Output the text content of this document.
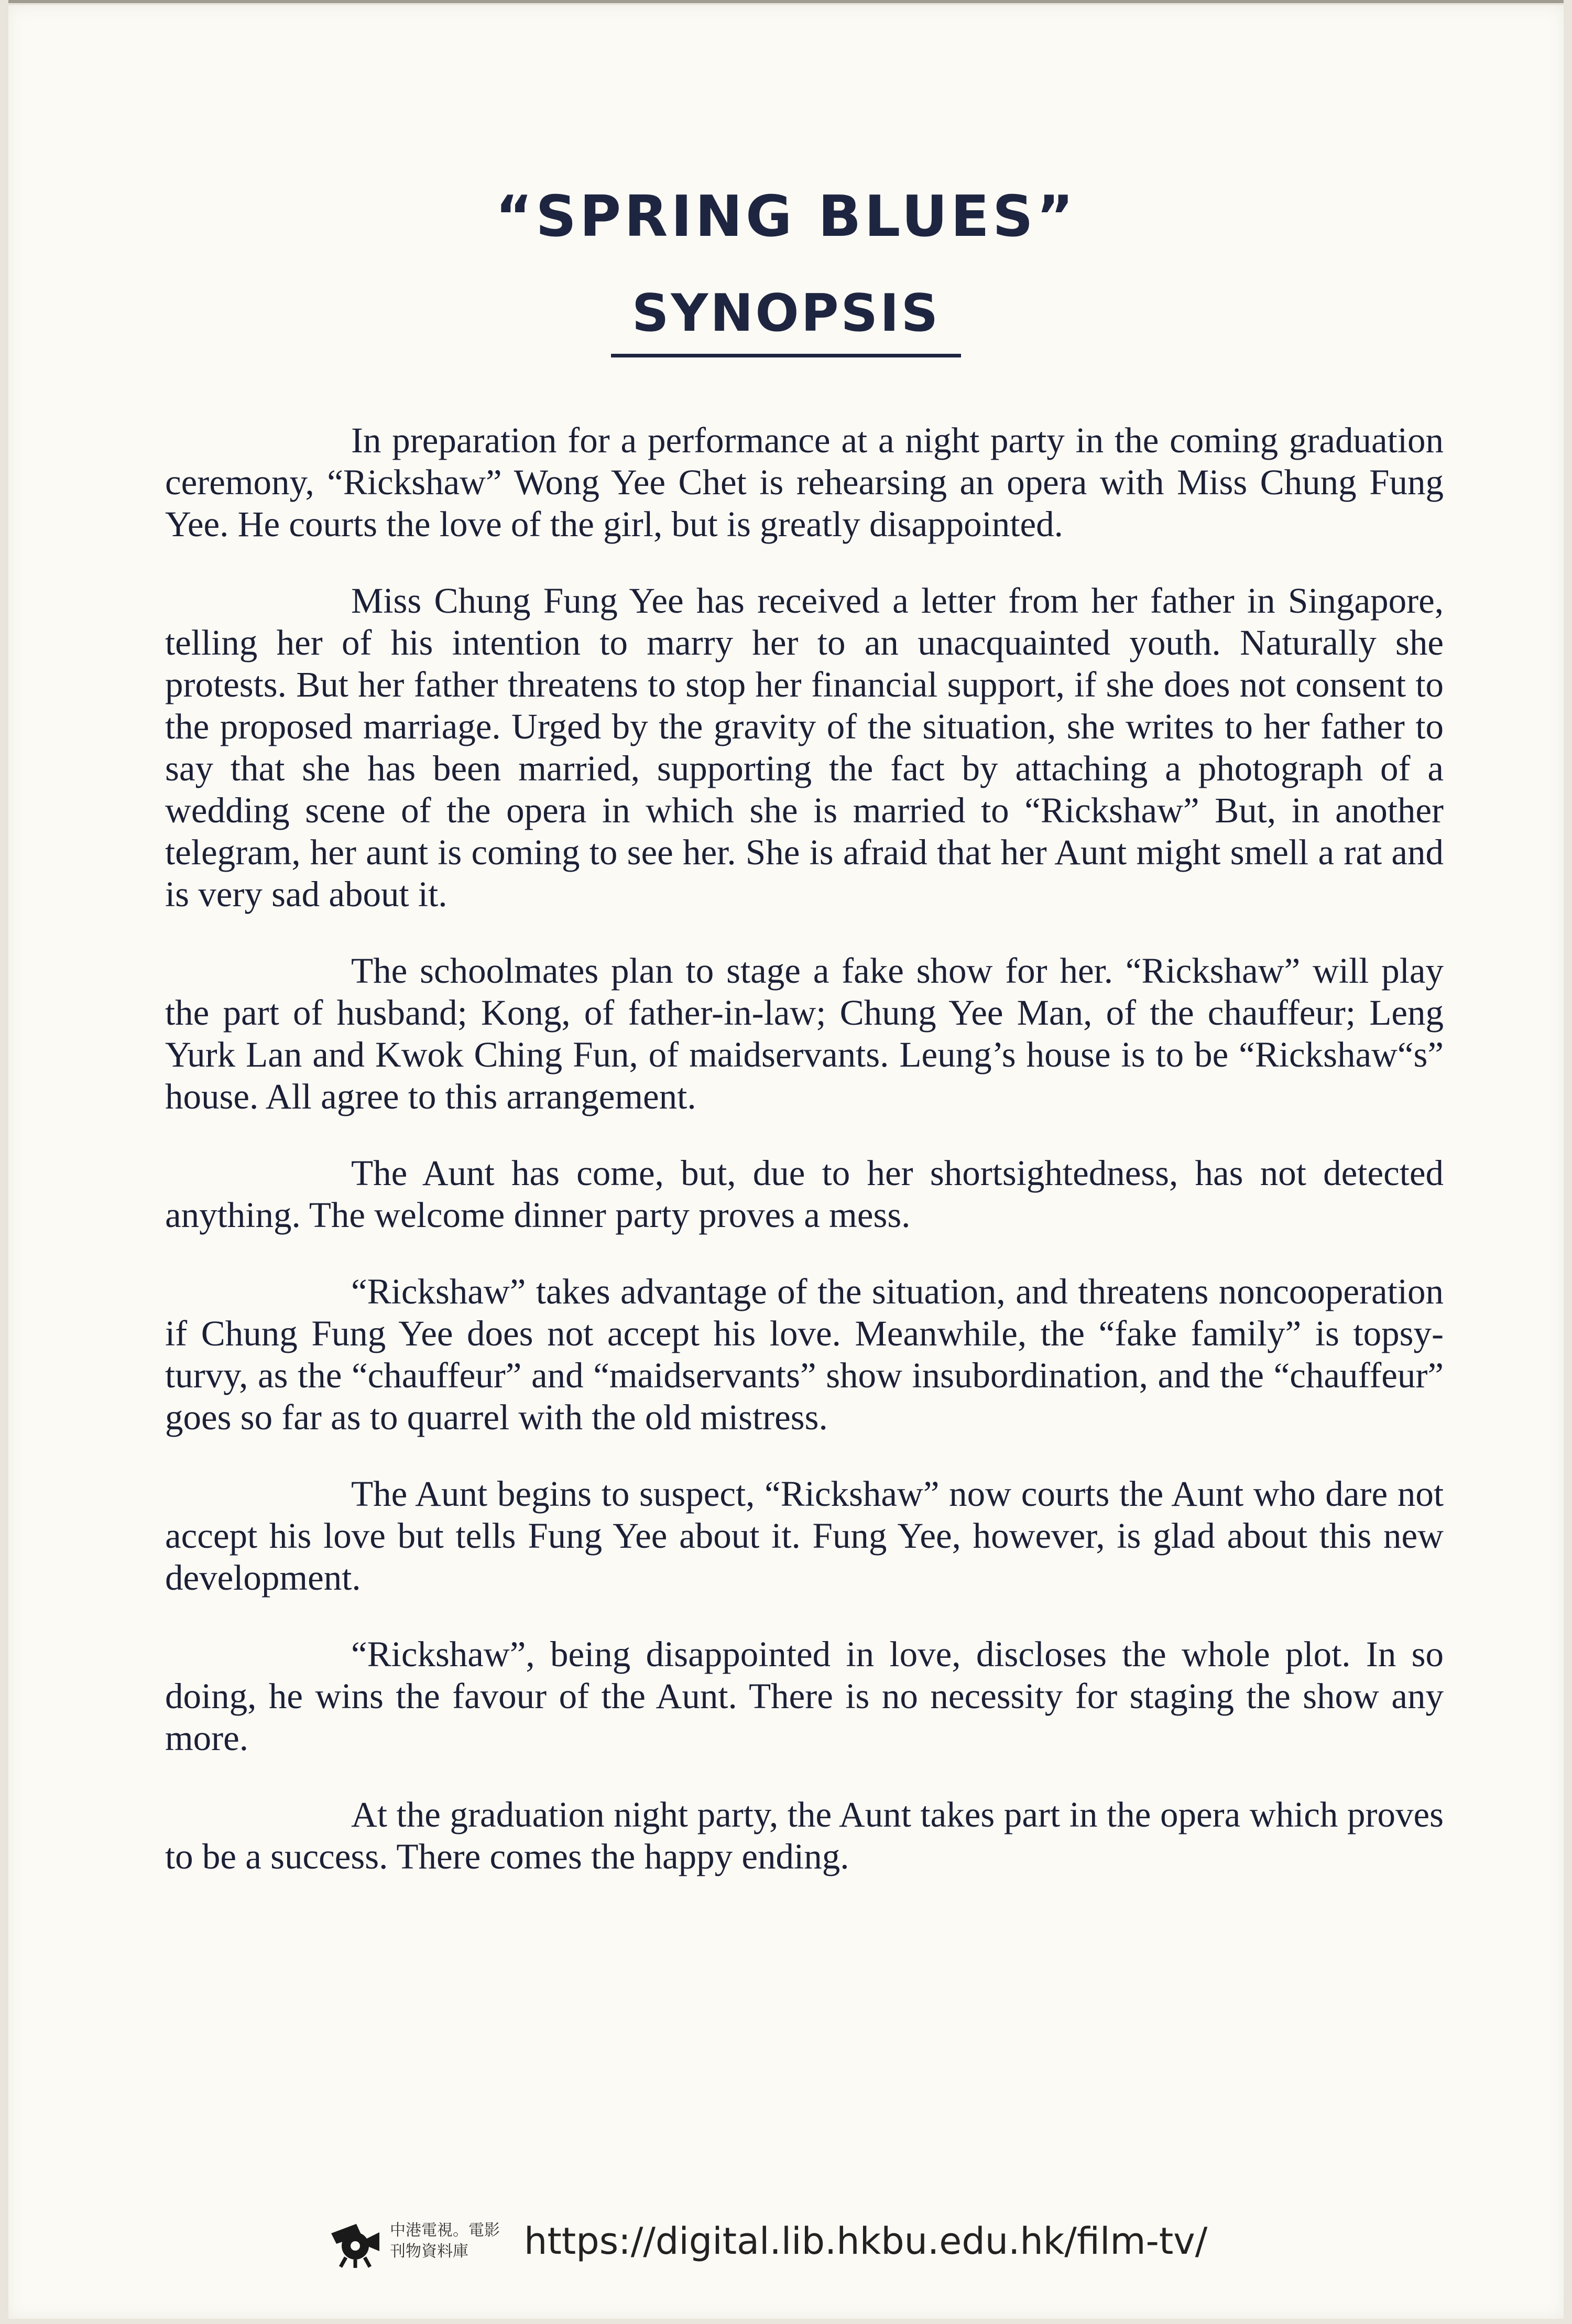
“SPRING BLUES”
SYNOPSIS

In preparation for a performance at a night party in the coming graduation ceremony, “Rickshaw” Wong Yee Chet is rehearsing an opera with Miss Chung Fung Yee. He courts the love of the girl, but is greatly disappointed.

Miss Chung Fung Yee has received a letter from her father in Singapore, telling her of his intention to marry her to an unacquainted youth. Naturally she protests. But her father threatens to stop her financial support, if she does not consent to the proposed marriage. Urged by the gravity of the situation, she writes to her father to say that she has been married, supporting the fact by attaching a photograph of a wedding scene of the opera in which she is married to “Rickshaw” But, in another telegram, her aunt is coming to see her. She is afraid that her Aunt might smell a rat and is very sad about it.

The schoolmates plan to stage a fake show for her. “Rickshaw” will play the part of husband; Kong, of father-in-law; Chung Yee Man, of the chauffeur; Leng Yurk Lan and Kwok Ching Fun, of maidservants. Leung’s house is to be “Rickshaw“s” house. All agree to this arrangement.

The Aunt has come, but, due to her shortsightedness, has not detected anything. The welcome dinner party proves a mess.

“Rickshaw” takes advantage of the situation, and threatens noncooperation if Chung Fung Yee does not accept his love. Meanwhile, the “fake family” is topsy-turvy, as the “chauffeur” and “maidservants” show insubordination, and the “chauffeur” goes so far as to quarrel with the old mistress.

The Aunt begins to suspect, “Rickshaw” now courts the Aunt who dare not accept his love but tells Fung Yee about it. Fung Yee, however, is glad about this new development.

“Rickshaw”, being disappointed in love, discloses the whole plot. In so doing, he wins the favour of the Aunt. There is no necessity for staging the show any more.

At the graduation night party, the Aunt takes part in the opera which proves to be a success. There comes the happy ending.

中港電視。電影
刊物資料庫	https://digital.lib.hkbu.edu.hk/film-tv/
